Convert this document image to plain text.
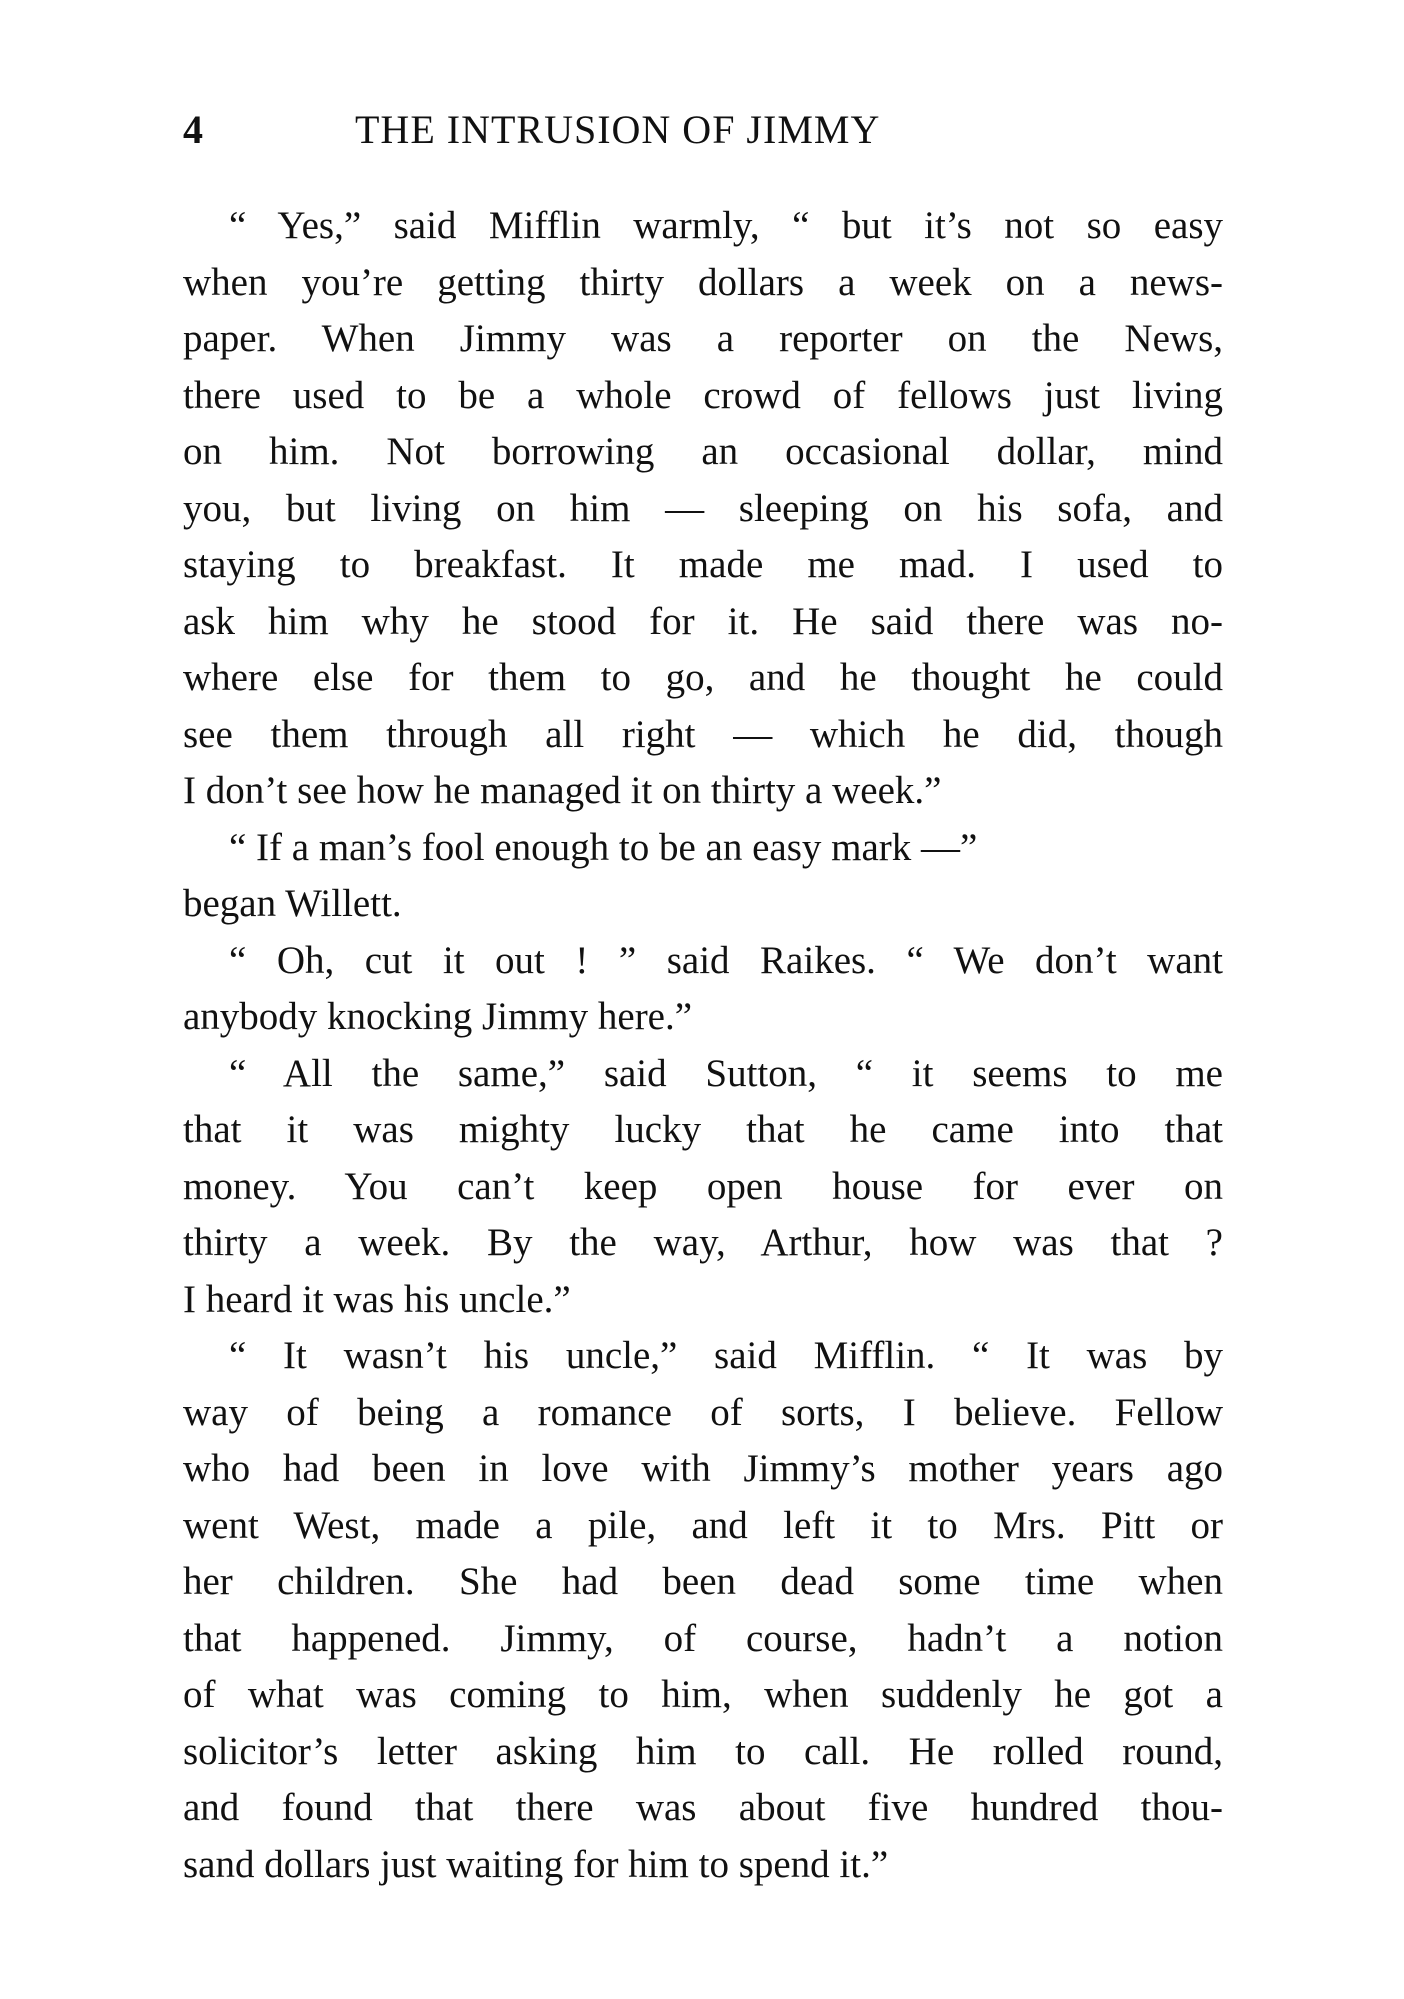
4	THE INTRUSION OF JIMMY
“ Yes,” said Mifflin warmly, “ but it’s not so easy
when you’re getting thirty dollars a week on a news-
paper. When Jimmy was a reporter on the News,
there used to be a whole crowd of fellows just living
on him. Not borrowing an occasional dollar, mind
you, but living on him — sleeping on his sofa, and
staying to breakfast. It made me mad. I used to
ask him why he stood for it. He said there was no-
where else for them to go, and he thought he could
see them through all right — which he did, though
I don’t see how he managed it on thirty a week.”
“ If a man’s fool enough to be an easy mark —”
began Willett.
“ Oh, cut it out ! ” said Raikes. “ We don’t want
anybody knocking Jimmy here.”
“ All the same,” said Sutton, “ it seems to me
that it was mighty lucky that he came into that
money. You can’t keep open house for ever on
thirty a week. By the way, Arthur, how was that ?
I heard it was his uncle.”
“ It wasn’t his uncle,” said Mifflin. “ It was by
way of being a romance of sorts, I believe. Fellow
who had been in love with Jimmy’s mother years ago
went West, made a pile, and left it to Mrs. Pitt or
her children. She had been dead some time when
that happened. Jimmy, of course, hadn’t a notion
of what was coming to him, when suddenly he got a
solicitor’s letter asking him to call. He rolled round,
and found that there was about five hundred thou-
sand dollars just waiting for him to spend it.”
